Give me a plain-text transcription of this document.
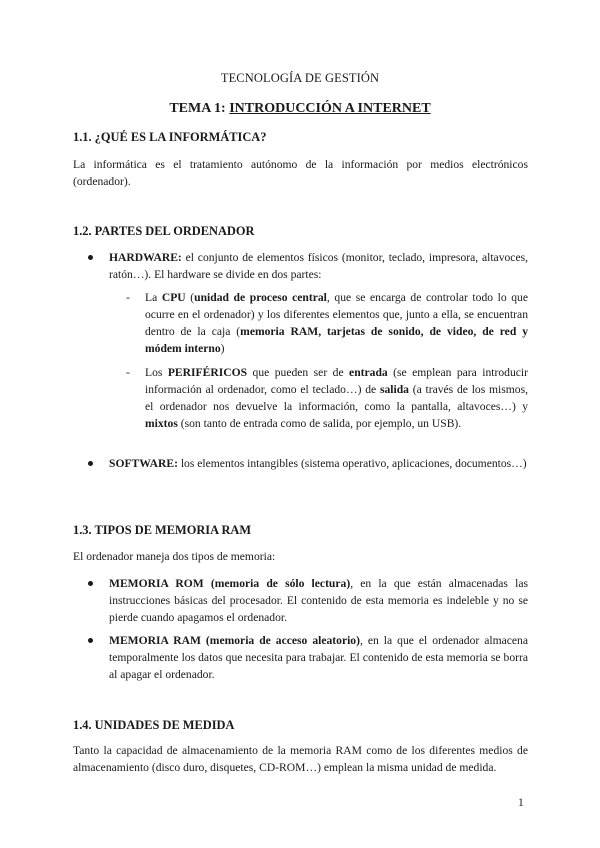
TECNOLOGÍA DE GESTIÓN
TEMA 1: INTRODUCCIÓN A INTERNET
1.1. ¿QUÉ ES LA INFORMÁTICA?

La informática es el tratamiento autónomo de la información por medios electrónicos (ordenador).

1.2. PARTES DEL ORDENADOR
HARDWARE: el conjunto de elementos físicos (monitor, teclado, impresora, altavoces, ratón…). El hardware se divide en dos partes:
- La CPU (unidad de proceso central, que se encarga de controlar todo lo que ocurre en el ordenador) y los diferentes elementos que, junto a ella, se encuentran dentro de la caja (memoria RAM, tarjetas de sonido, de video, de red y módem interno)
- Los PERIFÉRICOS que pueden ser de entrada (se emplean para introducir información al ordenador, como el teclado…) de salida (a través de los mismos, el ordenador nos devuelve la información, como la pantalla, altavoces…) y mixtos (son tanto de entrada como de salida, por ejemplo, un USB).
SOFTWARE: los elementos intangibles (sistema operativo, aplicaciones, documentos…)
1.3. TIPOS DE MEMORIA RAM

El ordenador maneja dos tipos de memoria:

MEMORIA ROM (memoria de sólo lectura), en la que están almacenadas las instrucciones básicas del procesador. El contenido de esta memoria es indeleble y no se pierde cuando apagamos el ordenador.
MEMORIA RAM (memoria de acceso aleatorio), en la que el ordenador almacena temporalmente los datos que necesita para trabajar. El contenido de esta memoria se borra al apagar el ordenador.
1.4. UNIDADES DE MEDIDA

Tanto la capacidad de almacenamiento de la memoria RAM como de los diferentes medios de almacenamiento (disco duro, disquetes, CD-ROM…) emplean la misma unidad de medida.

1
